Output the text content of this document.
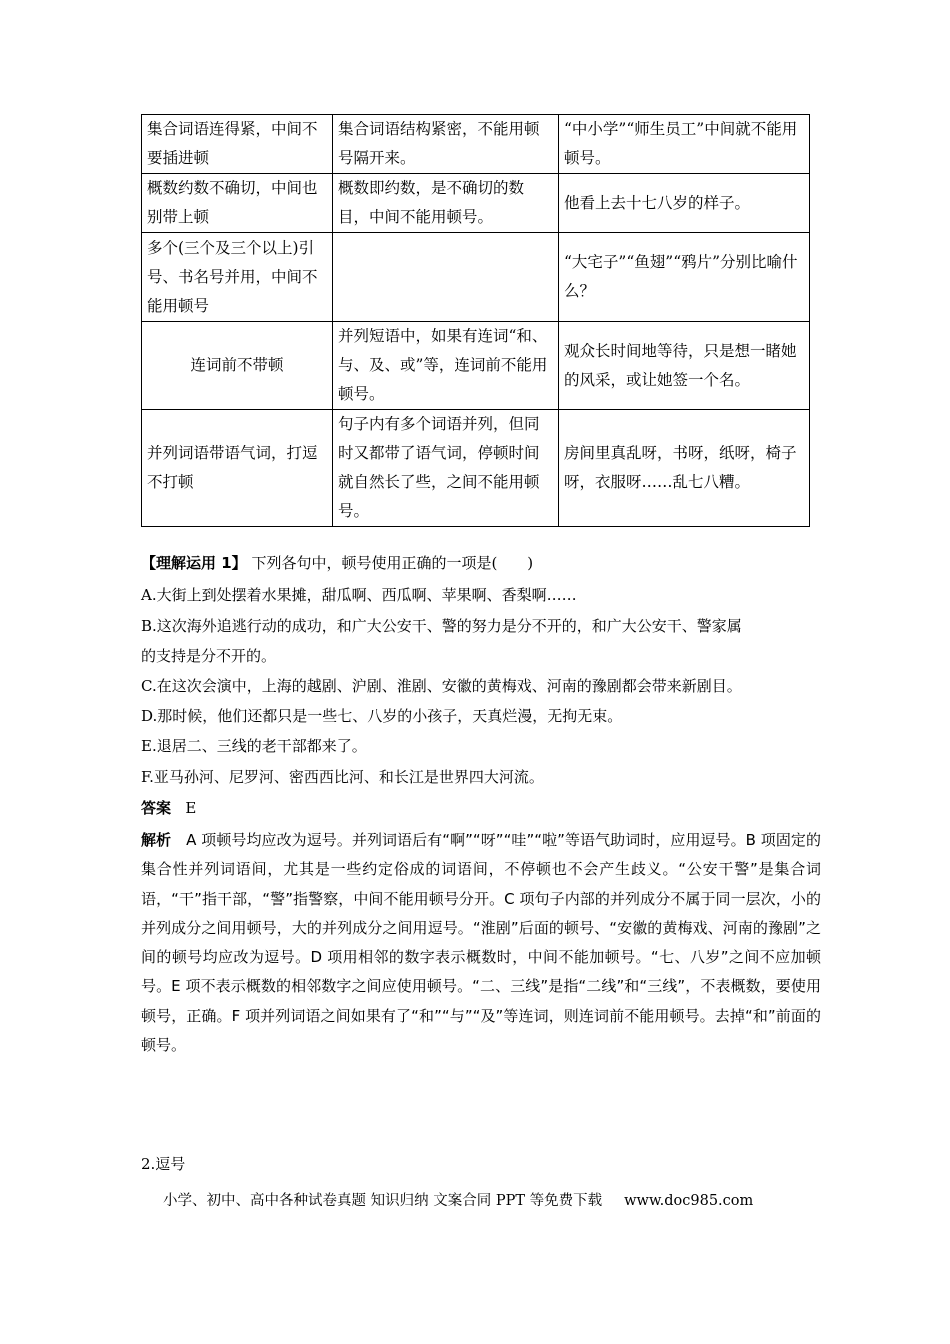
集合词语连得紧，中间不要插进顿	集合词语结构紧密，不能用顿号隔开来。	“中小学”“师生员工”中间就不能用顿号。
概数约数不确切，中间也别带上顿	概数即约数，是不确切的数目，中间不能用顿号。	他看上去十七八岁的样子。
多个(三个及三个以上)引号、书名号并用，中间不能用顿号		“大宅子”“鱼翅”“鸦片”分别比喻什么？
连词前不带顿	并列短语中，如果有连词“和、与、及、或”等，连词前不能用顿号。	观众长时间地等待，只是想一睹她的风采，或让她签一个名。
并列词语带语气词，打逗不打顿	句子内有多个词语并列，但同时又都带了语气词，停顿时间就自然长了些，之间不能用顿号。	房间里真乱呀，书呀，纸呀，椅子呀，衣服呀……乱七八糟。
【理解运用 1】 下列各句中，顿号使用正确的一项是(　　)
A.大街上到处摆着水果摊，甜瓜啊、西瓜啊、苹果啊、香梨啊……
B.这次海外追逃行动的成功，和广大公安干、警的努力是分不开的，和广大公安干、警家属
的支持是分不开的。
C.在这次会演中，上海的越剧、沪剧、淮剧、安徽的黄梅戏、河南的豫剧都会带来新剧目。
D.那时候，他们还都只是一些七、八岁的小孩子，天真烂漫，无拘无束。
E.退居二、三线的老干部都来了。
F.亚马孙河、尼罗河、密西西比河、和长江是世界四大河流。
答案 E
解析　A 项顿号均应改为逗号。并列词语后有“啊”“呀”“哇”“啦”等语气助词时，应用逗号。B 项固定的集合性并列词语间，尤其是一些约定俗成的词语间，不停顿也不会产生歧义。“公安干警”是集合词语，“干”指干部，“警”指警察，中间不能用顿号分开。C 项句子内部的并列成分不属于同一层次，小的并列成分之间用顿号，大的并列成分之间用逗号。“淮剧”后面的顿号、“安徽的黄梅戏、河南的豫剧”之间的顿号均应改为逗号。D 项用相邻的数字表示概数时，中间不能加顿号。“七、八岁”之间不应加顿号。E 项不表示概数的相邻数字之间应使用顿号。“二、三线”是指“二线”和“三线”，不表概数，要使用顿号，正确。F 项并列词语之间如果有了“和”“与”“及”等连词，则连词前不能用顿号。去掉“和”前面的顿号。
2.逗号
小学、初中、高中各种试卷真题 知识归纳 文案合同 PPT 等免费下载 www.doc985.com
